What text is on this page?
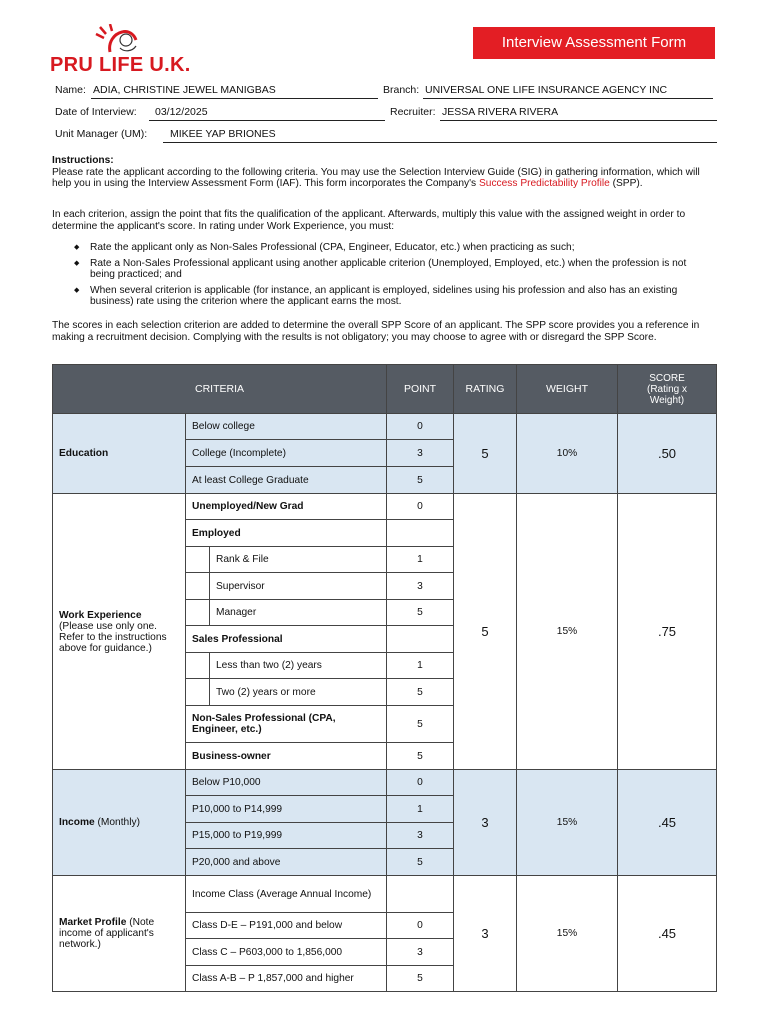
PRU LIFE U.K.
Interview Assessment Form
Name: ADIA, CHRISTINE JEWEL MANIGBAS	Branch: UNIVERSAL ONE LIFE INSURANCE AGENCY INC
Date of Interview: 03/12/2025	Recruiter: JESSA RIVERA RIVERA
Unit Manager (UM): MIKEE YAP BRIONES
Instructions:
Please rate the applicant according to the following criteria. You may use the Selection Interview Guide (SIG) in gathering information, which will help you in using the Interview Assessment Form (IAF). This form incorporates the Company's Success Predictability Profile (SPP).
In each criterion, assign the point that fits the qualification of the applicant. Afterwards, multiply this value with the assigned weight in order to determine the applicant's score. In rating under Work Experience, you must:
◆ Rate the applicant only as Non-Sales Professional (CPA, Engineer, Educator, etc.) when practicing as such;
◆ Rate a Non-Sales Professional applicant using another applicable criterion (Unemployed, Employed, etc.) when the profession is not being practiced; and
◆ When several criterion is applicable (for instance, an applicant is employed, sidelines using his profession and also has an existing business) rate using the criterion where the applicant earns the most.
The scores in each selection criterion are added to determine the overall SPP Score of an applicant. The SPP score provides you a reference in making a recruitment decision. Complying with the results is not obligatory; you may choose to agree with or disregard the SPP Score.
CRITERIA			POINT	RATING	WEIGHT	SCORE
(Rating x
Weight)
Education	Below college		0	5	10%	.50
	College (Incomplete)		3			
	At least College Graduate		5			
Work Experience
(Please use only one. Refer to the instructions above for guidance.)	Unemployed/New Grad		0	5	15%	.75
	Employed					
		Rank & File	1			
		Supervisor	3			
		Manager	5			
	Sales Professional					
		Less than two (2) years	1			
		Two (2) years or more	5			
	Non-Sales Professional (CPA, Engineer, etc.)		5			
	Business-owner		5			
Income (Monthly)	Below P10,000		0	3	15%	.45
	P10,000 to P14,999		1			
	P15,000 to P19,999		3			
	P20,000 and above		5			
Market Profile (Note income of applicant's network.)	Income Class (Average Annual Income)			3	15%	.45
	Class D-E – P191,000 and below		0			
	Class C – P603,000 to 1,856,000		3			
	Class A-B – P 1,857,000 and higher		5			
